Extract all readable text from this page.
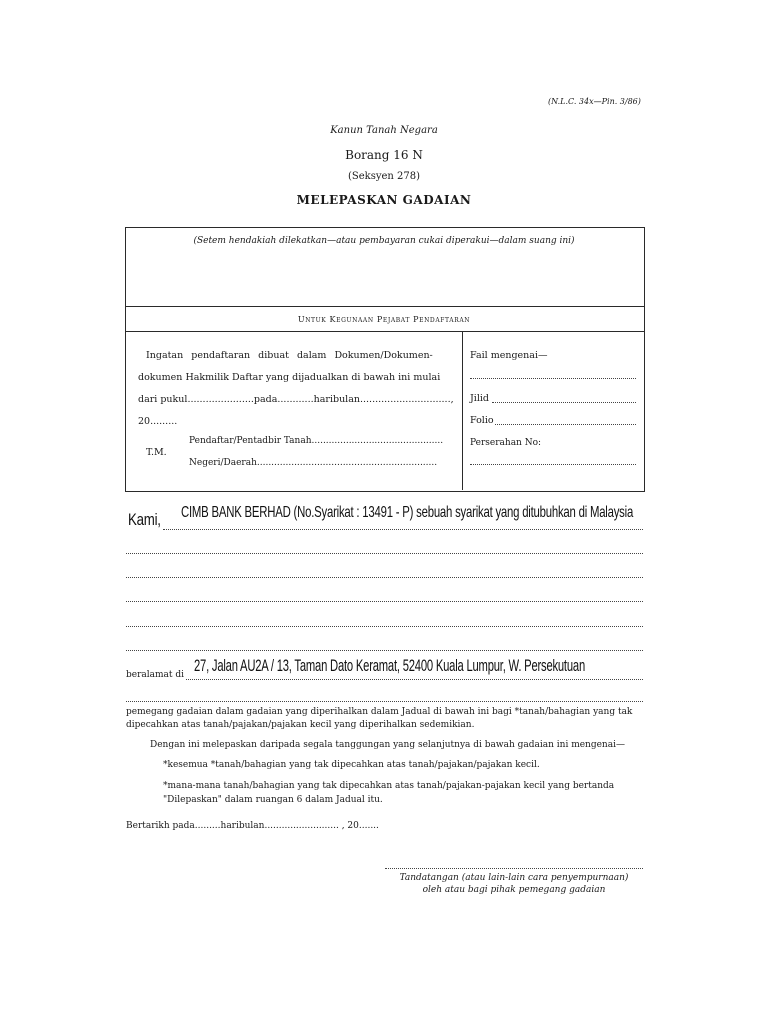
(N.L.C. 34x—Pin. 3/86)
Kanun Tanah Negara
Borang 16 N
(Seksyen 278)
MELEPASKAN GADAIAN
(Setem hendakiah dilekatkan—atau pembayaran cukai diperakui—dalam suang ini)
Untuk Kegunaan Pejabat Pendaftaran
Ingatan pendaftaran dibuat dalam Dokumen/Dokumen-
dokumen Hakmilik Daftar yang dijadualkan di bawah ini mulai
dari pukul......................pada............haribulan..............................,
20.........
T.M.
Pendaftar/Pentadbir Tanah..............................................
Negeri/Daerah...............................................................
Fail mengenai—
Jilid
Folio
Perserahan No:
Kami, CIMB BANK BERHAD (No.Syarikat : 13491 - P) sebuah syarikat yang ditubuhkan di Malaysia
beralamat di 27, Jalan AU2A / 13, Taman Dato Keramat, 52400 Kuala Lumpur, W. Persekutuan
pemegang gadaian dalam gadaian yang diperihalkan dalam Jadual di bawah ini bagi *tanah/bahagian yang tak
dipecahkan atas tanah/pajakan/pajakan kecil yang diperihalkan sedemikian.
Dengan ini melepaskan daripada segala tanggungan yang selanjutnya di bawah gadaian ini mengenai—
*kesemua *tanah/bahagian yang tak dipecahkan atas tanah/pajakan/pajakan kecil.
*mana-mana tanah/bahagian yang tak dipecahkan atas tanah/pajakan-pajakan kecil yang bertanda
"Dilepaskan" dalam ruangan 6 dalam Jadual itu.
Bertarikh pada.........haribulan.......................... , 20.......
Tandatangan (atau lain-lain cara penyempurnaan)
oleh atau bagi pihak pemegang gadaian
